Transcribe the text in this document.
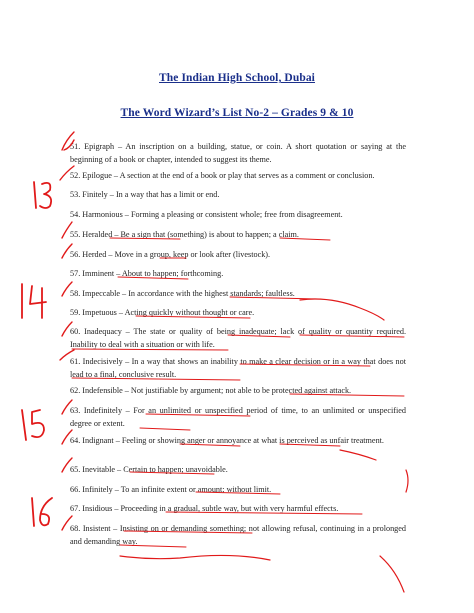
The Indian High School, Dubai
The Word Wizard’s List No-2 – Grades 9 & 10
51. Epigraph – An inscription on a building, statue, or coin. A short quotation or saying at the beginning of a book or chapter, intended to suggest its theme.
52. Epilogue – A section at the end of a book or play that serves as a comment or conclusion.
53. Finitely – In a way that has a limit or end.
54. Harmonious – Forming a pleasing or consistent whole; free from disagreement.
55. Heralded – Be a sign that (something) is about to happen; a claim.
56. Herded – Move in a group, keep or look after (livestock).
57. Imminent – About to happen; forthcoming.
58. Impeccable – In accordance with the highest standards; faultless.
59. Impetuous – Acting quickly without thought or care.
60. Inadequacy – The state or quality of being inadequate; lack of quality or quantity required. Inability to deal with a situation or with life.
61. Indecisively – In a way that shows an inability to make a clear decision or in a way that does not lead to a final, conclusive result.
62. Indefensible – Not justifiable by argument; not able to be protected against attack.
63. Indefinitely – For an unlimited or unspecified period of time, to an unlimited or unspecified degree or extent.
64. Indignant – Feeling or showing anger or annoyance at what is perceived as unfair treatment.
65. Inevitable – Certain to happen; unavoidable.
66. Infinitely – To an infinite extent or amount; without limit.
67. Insidious – Proceeding in a gradual, subtle way, but with very harmful effects.
68. Insistent – Insisting on or demanding something; not allowing refusal, continuing in a prolonged and demanding way.
